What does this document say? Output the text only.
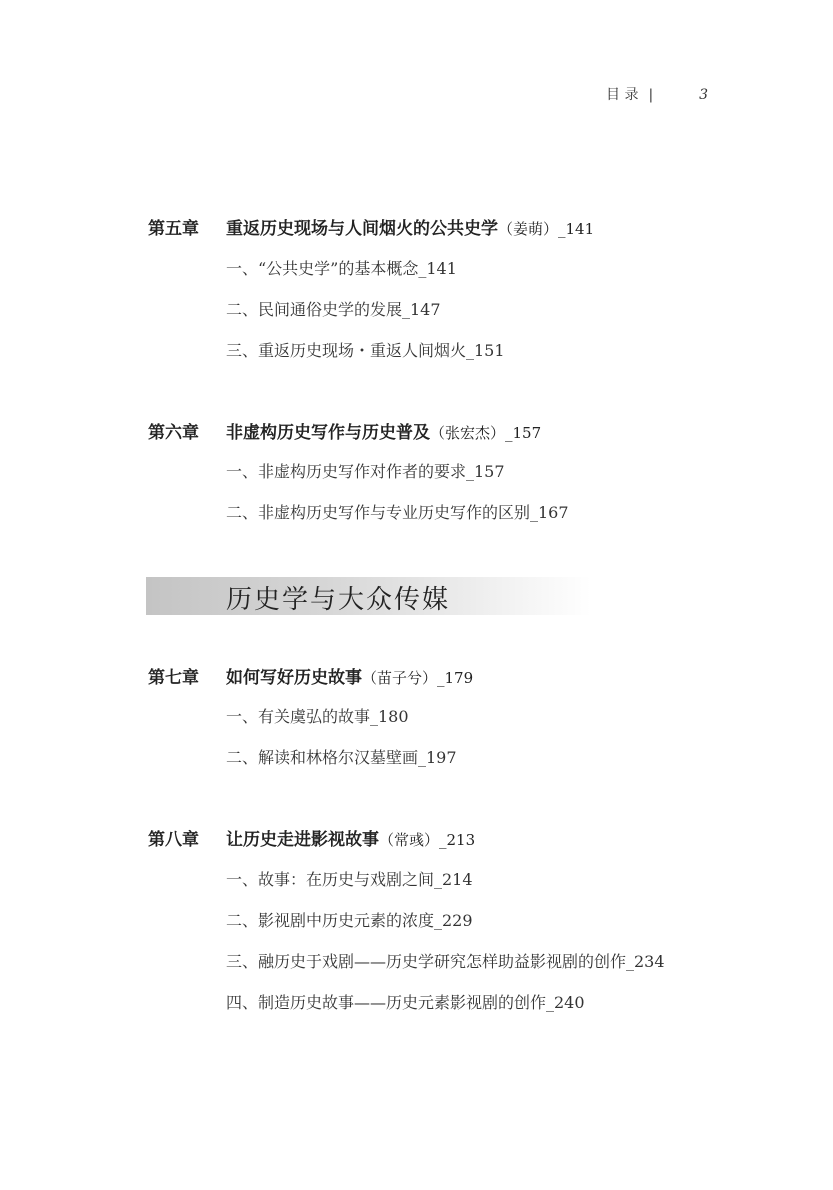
目 录 |	3
第五章 重返历史现场与人间烟火的公共史学（姜萌）_141
一、“公共史学”的基本概念_141
二、民间通俗史学的发展_147
三、重返历史现场・重返人间烟火_151
第六章 非虚构历史写作与历史普及（张宏杰）_157
一、非虚构历史写作对作者的要求_157
二、非虚构历史写作与专业历史写作的区别_167
历史学与大众传媒
第七章 如何写好历史故事（苗子兮）_179
一、有关虞弘的故事_180
二、解读和林格尔汉墓壁画_197
第八章 让历史走进影视故事（常彧）_213
一、故事：在历史与戏剧之间_214
二、影视剧中历史元素的浓度_229
三、融历史于戏剧——历史学研究怎样助益影视剧的创作_234
四、制造历史故事——历史元素影视剧的创作_240
